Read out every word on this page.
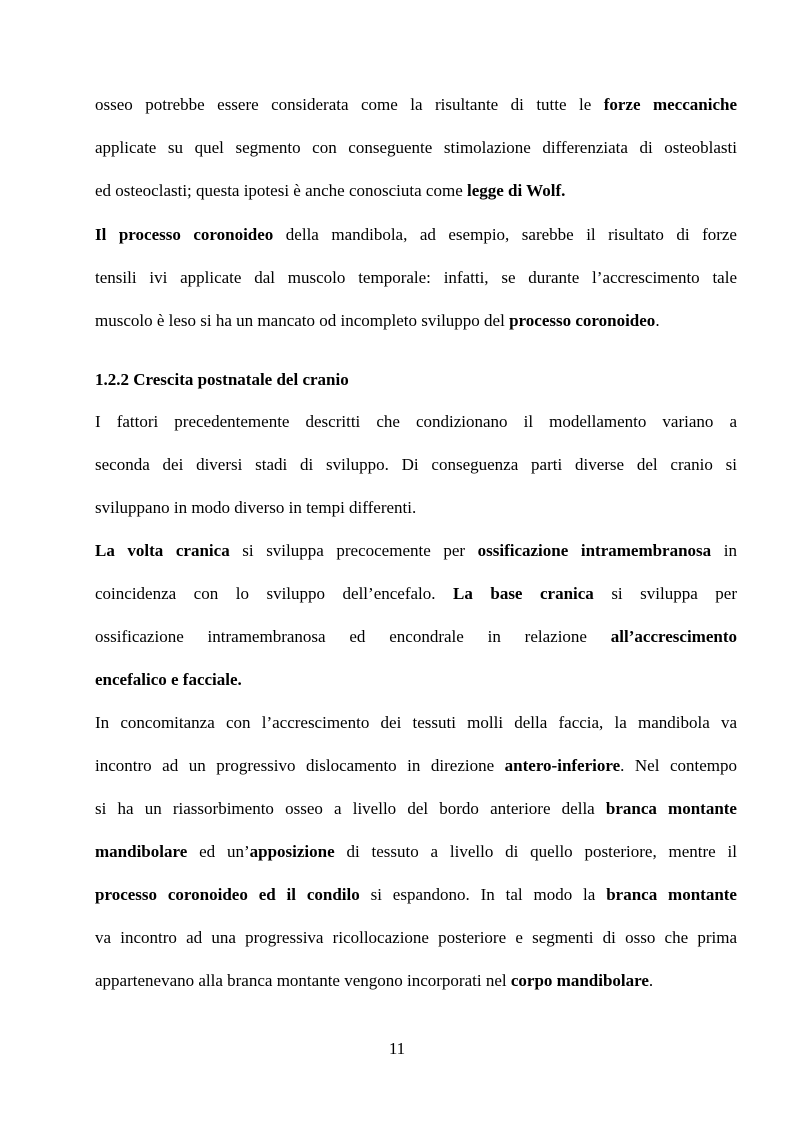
osseo potrebbe essere considerata come la risultante di tutte le forze meccaniche
applicate su quel segmento con conseguente stimolazione differenziata di osteoblasti
ed osteoclasti; questa ipotesi è anche conosciuta come legge di Wolf.
Il processo coronoideo della mandibola, ad esempio, sarebbe il risultato di forze
tensili ivi applicate dal muscolo temporale: infatti, se durante l’accrescimento tale
muscolo è leso si ha un mancato od incompleto sviluppo del processo coronoideo.
1.2.2 Crescita postnatale del cranio
I fattori precedentemente descritti che condizionano il modellamento variano a
seconda dei diversi stadi di sviluppo. Di conseguenza parti diverse del cranio si
sviluppano in modo diverso in tempi differenti.
La volta cranica si sviluppa precocemente per ossificazione intramembranosa in
coincidenza con lo sviluppo dell’encefalo. La base cranica si sviluppa per
ossificazione intramembranosa ed encondrale in relazione all’accrescimento
encefalico e facciale.
In concomitanza con l’accrescimento dei tessuti molli della faccia, la mandibola va
incontro ad un progressivo dislocamento in direzione antero-inferiore. Nel contempo
si ha un riassorbimento osseo a livello del bordo anteriore della branca montante
mandibolare ed un’apposizione di tessuto a livello di quello posteriore, mentre il
processo coronoideo ed il condilo si espandono. In tal modo la branca montante
va incontro ad una progressiva ricollocazione posteriore e segmenti di osso che prima
appartenevano alla branca montante vengono incorporati nel corpo mandibolare.
11
